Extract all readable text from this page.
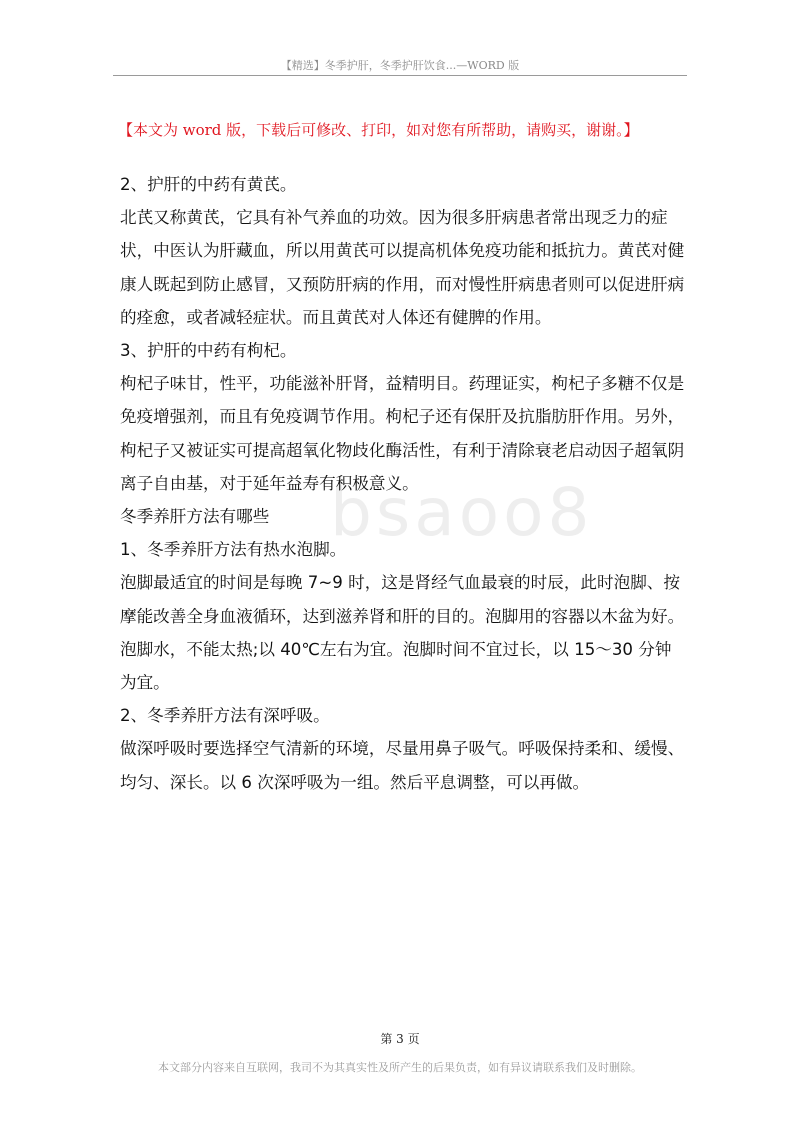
【精选】冬季护肝，冬季护肝饮食...—WORD 版
【本文为 word 版，下载后可修改、打印，如对您有所帮助，请购买，谢谢。】
bsaoo8

2、护肝的中药有黄芪。

北芪又称黄芪，它具有补气养血的功效。因为很多肝病患者常出现乏力的症状，中医认为肝藏血，所以用黄芪可以提高机体免疫功能和抵抗力。黄芪对健康人既起到防止感冒，又预防肝病的作用，而对慢性肝病患者则可以促进肝病的痊愈，或者减轻症状。而且黄芪对人体还有健脾的作用。

3、护肝的中药有枸杞。

枸杞子味甘，性平，功能滋补肝肾，益精明目。药理证实，枸杞子多糖不仅是免疫增强剂，而且有免疫调节作用。枸杞子还有保肝及抗脂肪肝作用。另外，枸杞子又被证实可提高超氧化物歧化酶活性，有利于清除衰老启动因子超氧阴离子自由基，对于延年益寿有积极意义。

冬季养肝方法有哪些

1、冬季养肝方法有热水泡脚。

泡脚最适宜的时间是每晚 7~9 时，这是肾经气血最衰的时辰，此时泡脚、按摩能改善全身血液循环，达到滋养肾和肝的目的。泡脚用的容器以木盆为好。泡脚水，不能太热;以 40℃左右为宜。泡脚时间不宜过长，以 15～30 分钟为宜。

2、冬季养肝方法有深呼吸。

做深呼吸时要选择空气清新的环境，尽量用鼻子吸气。呼吸保持柔和、缓慢、均匀、深长。以 6 次深呼吸为一组。然后平息调整，可以再做。

第 3 页
本文部分内容来自互联网，我司不为其真实性及所产生的后果负责，如有异议请联系我们及时删除。
